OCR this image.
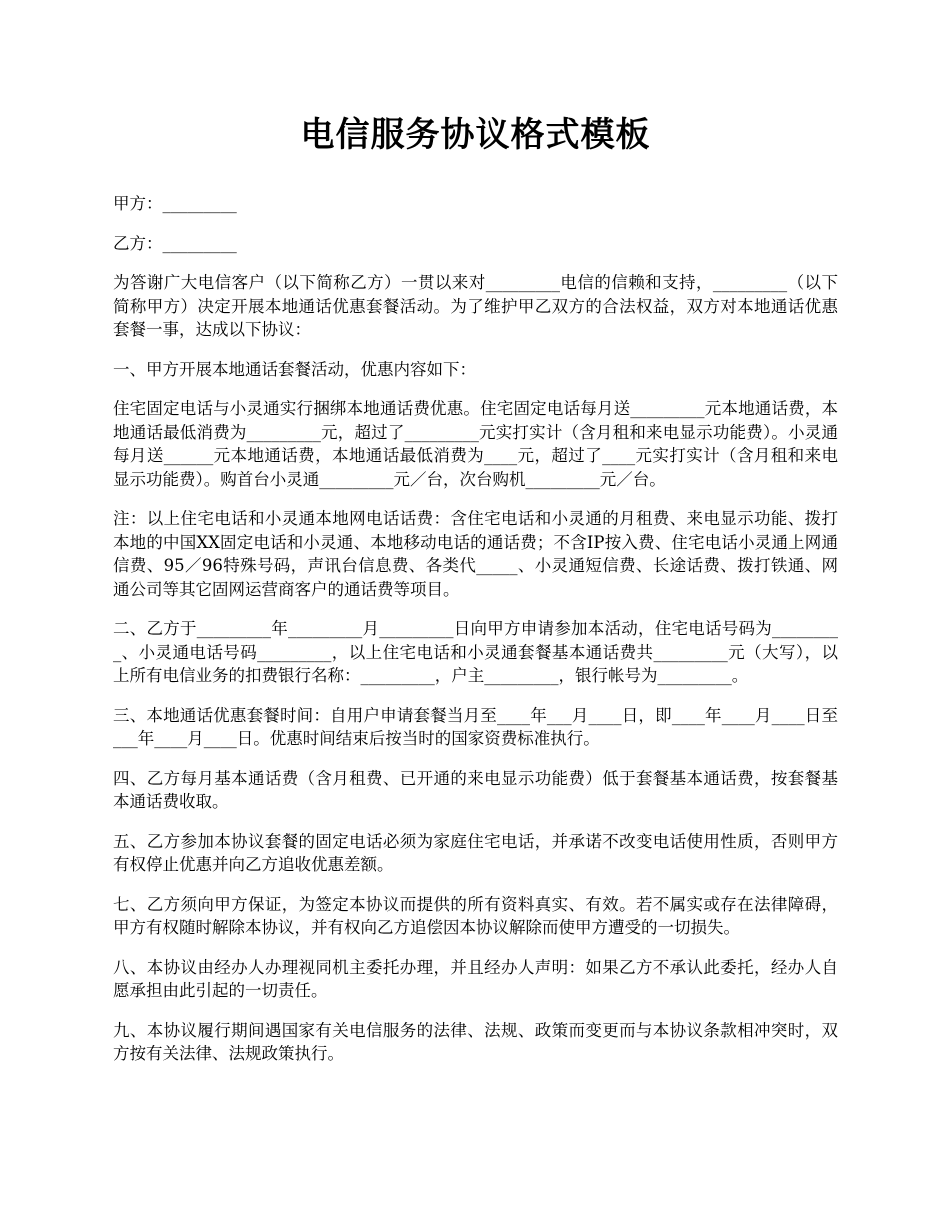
电信服务协议格式模板

甲方：_________

乙方：_________

为答谢广大电信客户（以下简称乙方）一贯以来对_________电信的信赖和支持，_________（以下简称甲方）决定开展本地通话优惠套餐活动。为了维护甲乙双方的合法权益，双方对本地通话优惠套餐一事，达成以下协议：

一、甲方开展本地通话套餐活动，优惠内容如下：

住宅固定电话与小灵通实行捆绑本地通话费优惠。住宅固定电话每月送_________元本地通话费，本地通话最低消费为_________元，超过了_________元实打实计（含月租和来电显示功能费）。小灵通每月送______元本地通话费，本地通话最低消费为____元，超过了____元实打实计（含月租和来电显示功能费）。购首台小灵通_________元／台，次台购机_________元／台。

注：以上住宅电话和小灵通本地网电话话费：含住宅电话和小灵通的月租费、来电显示功能、拨打本地的中国XX固定电话和小灵通、本地移动电话的通话费；不含IP按入费、住宅电话小灵通上网通信费、95／96特殊号码，声讯台信息费、各类代_____、小灵通短信费、长途话费、拨打铁通、网通公司等其它固网运营商客户的通话费等项目。

二、乙方于_________年_________月_________日向甲方申请参加本活动，住宅电话号码为_________、小灵通电话号码_________，以上住宅电话和小灵通套餐基本通话费共_________元（大写），以上所有电信业务的扣费银行名称：_________，户主_________，银行帐号为_________。

三、本地通话优惠套餐时间：自用户申请套餐当月至____年___月____日，即____年____月____日至___年____月____日。优惠时间结束后按当时的国家资费标准执行。

四、乙方每月基本通话费（含月租费、已开通的来电显示功能费）低于套餐基本通话费，按套餐基本通话费收取。

五、乙方参加本协议套餐的固定电话必须为家庭住宅电话，并承诺不改变电话使用性质，否则甲方有权停止优惠并向乙方追收优惠差额。

七、乙方须向甲方保证，为签定本协议而提供的所有资料真实、有效。若不属实或存在法律障碍，甲方有权随时解除本协议，并有权向乙方追偿因本协议解除而使甲方遭受的一切损失。

八、本协议由经办人办理视同机主委托办理，并且经办人声明：如果乙方不承认此委托，经办人自愿承担由此引起的一切责任。

九、本协议履行期间遇国家有关电信服务的法律、法规、政策而变更而与本协议条款相冲突时，双方按有关法律、法规政策执行。
